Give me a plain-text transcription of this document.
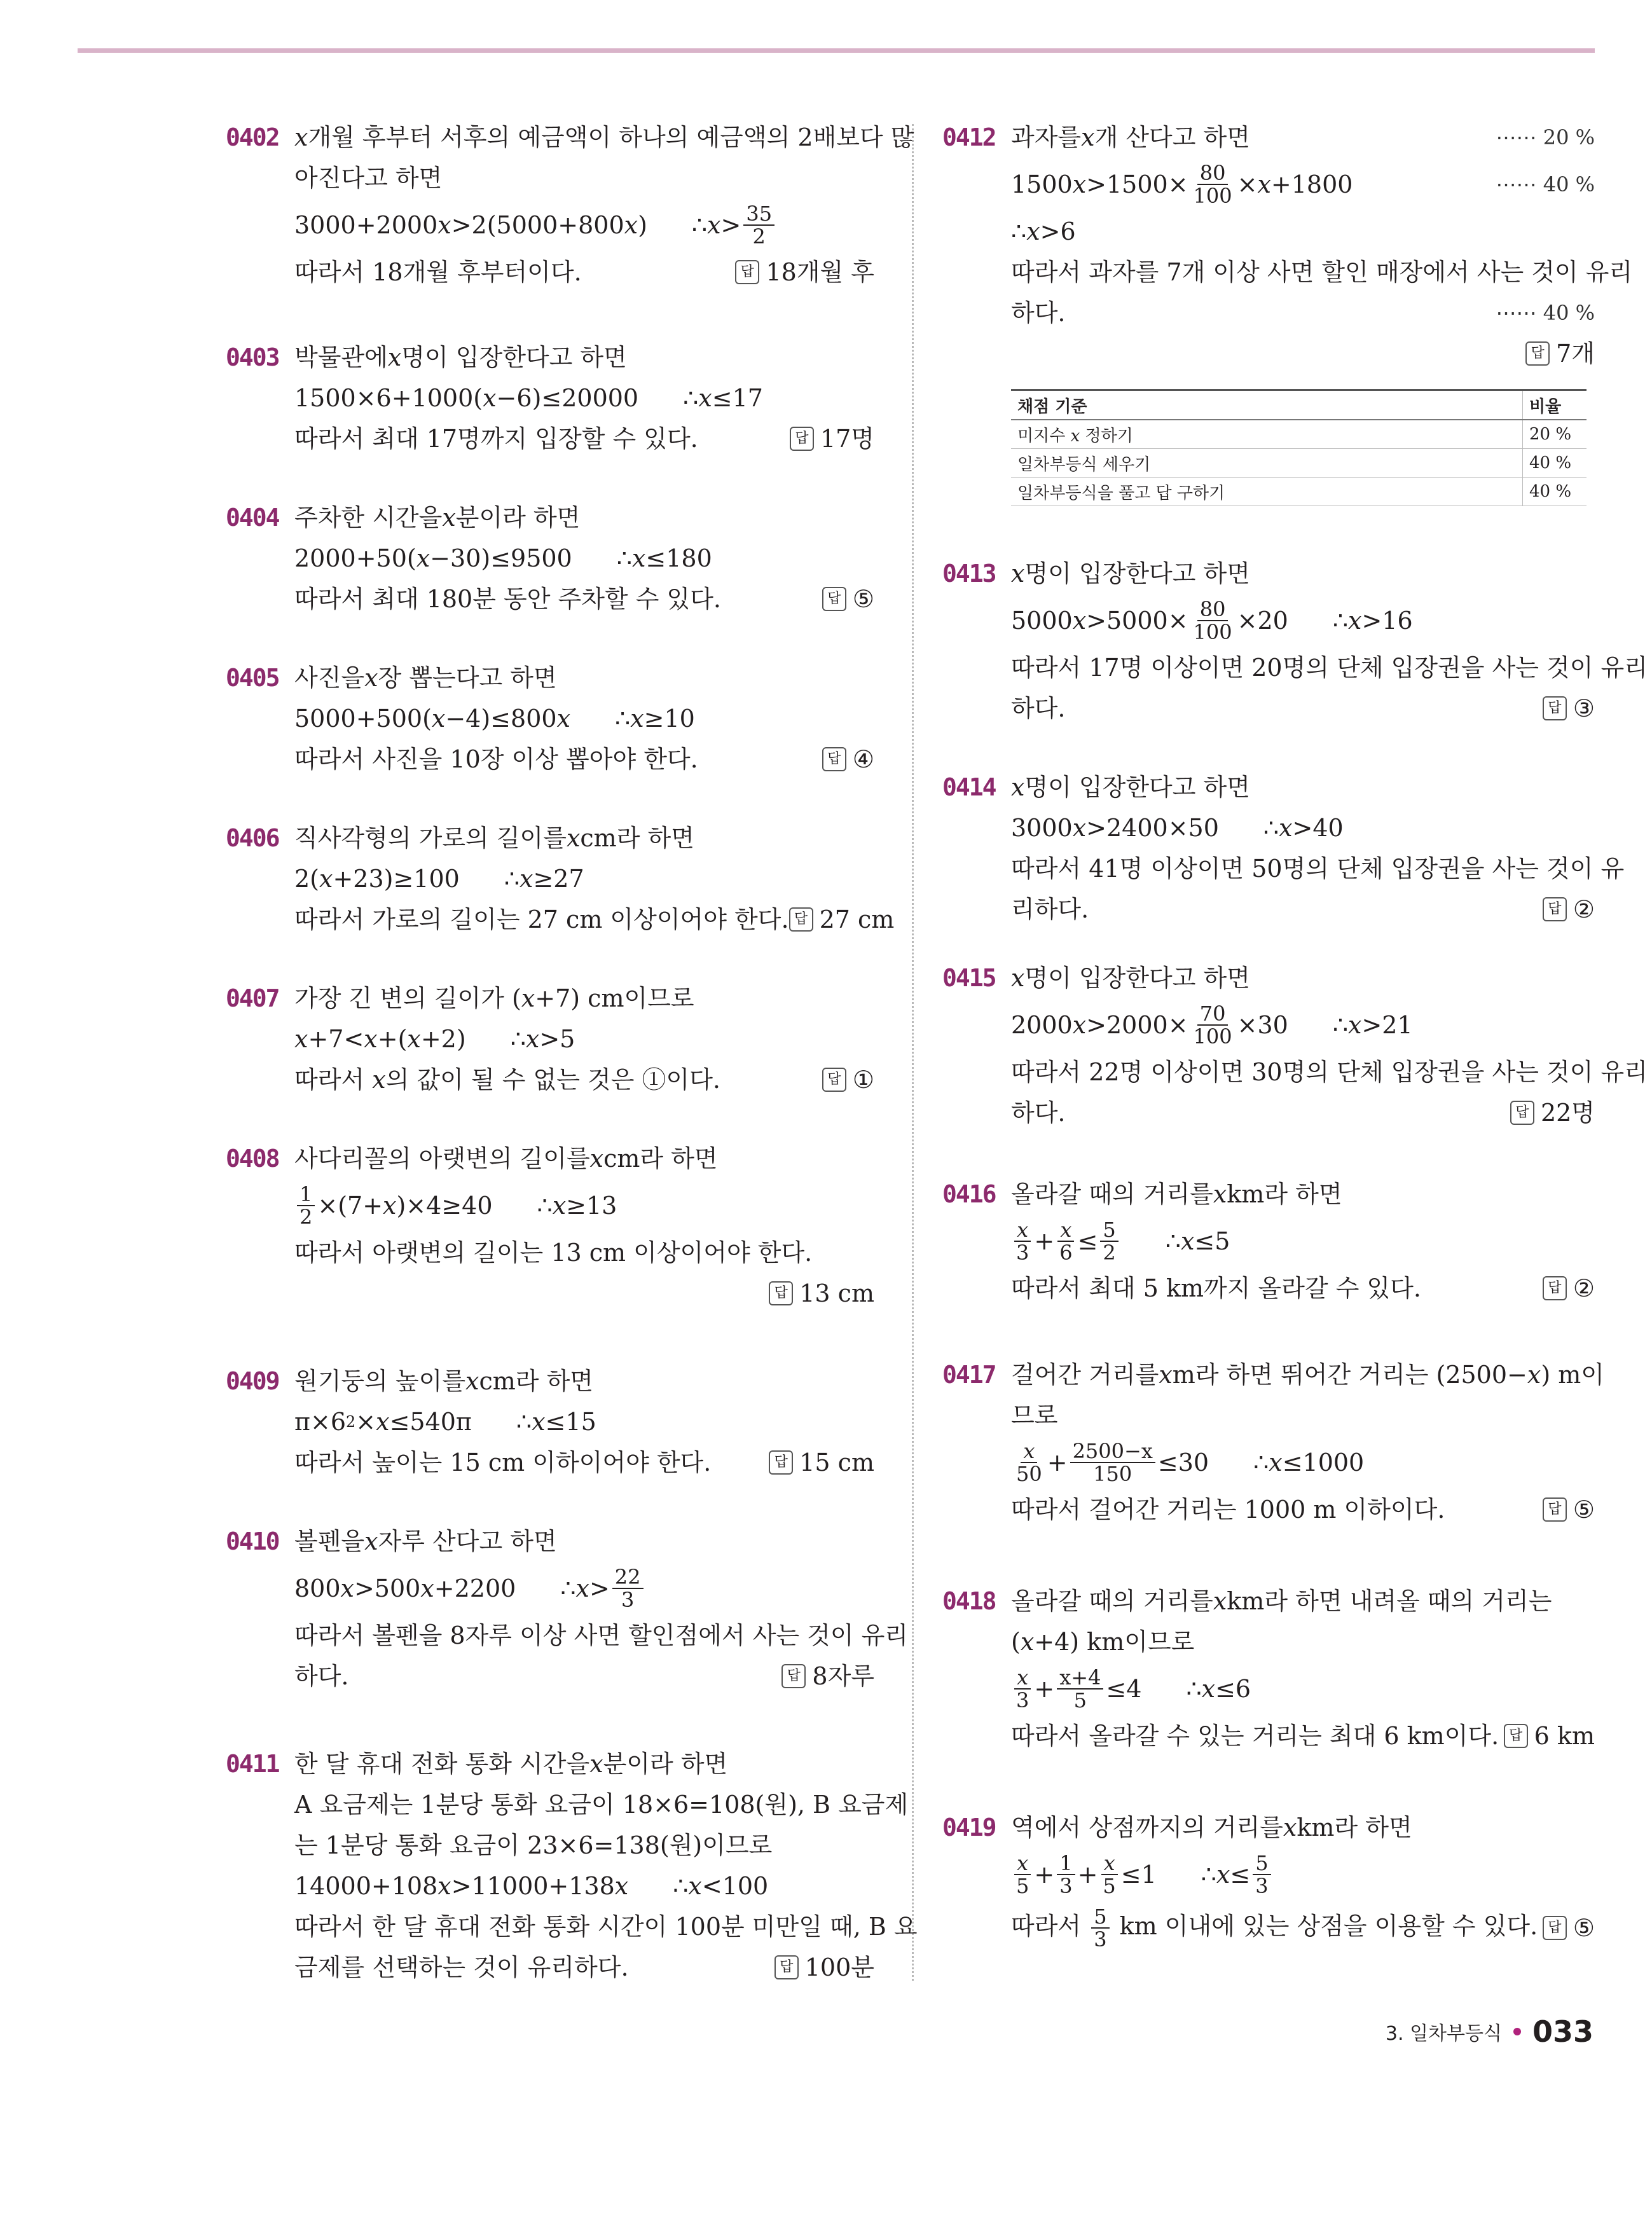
0402 x 개월 후부터 서후의 예금액이 하나의 예금액의 2배보다 많
아진다고 하면
3000+2000 x >2(5000+800 x ) ∴ $x > \frac{35}{2}$
따라서 18개월 후부터이다.	답 18개월 후
0403 박물관에 x 명이 입장한다고 하면
1500×6+1000( x −6)≤20000 ∴ x ≤17
따라서 최대 17명까지 입장할 수 있다.	답 17명
0404 주차한 시간을 x 분이라 하면
2000+50( x −30)≤9500 ∴ x ≤180
따라서 최대 180분 동안 주차할 수 있다.	답 ⑤
0405 사진을 x 장 뽑는다고 하면
5000+500( x −4)≤800 x ∴ x ≥10
따라서 사진을 10장 이상 뽑아야 한다.	답 ④
0406 직사각형의 가로의 길이를 x cm라 하면
2( x +23)≥100 ∴ x ≥27
따라서 가로의 길이는 27 cm 이상이어야 한다. 답 27 cm
0407 가장 긴 변의 길이가 ( x +7) cm이므로
x +7< x +( x +2) ∴ x >5
따라서 x의 값이 될 수 없는 것은 ①이다.	답 ①
0408 사다리꼴의 아랫변의 길이를 x cm라 하면
$\frac{1}{2} \times(7+ x$ )×4≥40 ∴ x ≥13
따라서 아랫변의 길이는 13 cm 이상이어야 한다.
답 13 cm
0409 원기둥의 높이를 x cm라 하면
π×6 2 × x ≤540π ∴ x ≤15
따라서 높이는 15 cm 이하이어야 한다.	답 15 cm
0410 볼펜을 x 자루 산다고 하면
800 x >500 x +2200 ∴ $x > \frac{22}{3}$
따라서 볼펜을 8자루 이상 사면 할인점에서 사는 것이 유리
하다.	답 8자루
0411 한 달 휴대 전화 통화 시간을 x 분이라 하면
A 요금제는 1분당 통화 요금이 18×6=108(원), B 요금제
는 1분당 통화 요금이 23×6=138(원)이므로
14000+108 x >11000+138 x ∴ x <100
따라서 한 달 휴대 전화 통화 시간이 100분 미만일 때, B 요
금제를 선택하는 것이 유리하다.	답 100분
0412 과자를 x 개 산다고 하면	⋯⋯ 20 %
1500 $x >1500\times \frac{80}{100} \times x +1800$	⋯⋯ 40 %
∴ x >6
따라서 과자를 7개 이상 사면 할인 매장에서 사는 것이 유리
하다.	⋯⋯ 40 %
답 7개
채점 기준	비율
미지수 x 정하기	20 %
일차부등식 세우기	40 %
일차부등식을 풀고 답 구하기	40 %
0413 x 명이 입장한다고 하면
5000 $x >5000\times \frac{80}{100} \times 20$ ∴ x >16
따라서 17명 이상이면 20명의 단체 입장권을 사는 것이 유리
하다.	답 ③
0414 x 명이 입장한다고 하면
3000 x >2400×50 ∴ x >40
따라서 41명 이상이면 50명의 단체 입장권을 사는 것이 유
리하다.	답 ②
0415 x 명이 입장한다고 하면
2000 $x >2000\times \frac{70}{100} \times 30$ ∴ x >21
따라서 22명 이상이면 30명의 단체 입장권을 사는 것이 유리
하다.	답 22명
0416 올라갈 때의 거리를 x km라 하면
$\frac{x}{3} + \frac{x}{6} \le \frac{5}{2}$ ∴ x ≤5
따라서 최대 5 km까지 올라갈 수 있다.	답 ②
0417 걸어간 거리를 x m라 하면 뛰어간 거리는 (2500− x ) m이
므로
$\frac{x}{50} + \frac{2500-x}{150} \le 30$ ∴ x ≤1000
따라서 걸어간 거리는 1000 m 이하이다.	답 ⑤
0418 올라갈 때의 거리를 x km라 하면 내려올 때의 거리는
( x +4) km이므로
$\frac{x}{3} + \frac{x+4}{5} \le 4$ ∴ x ≤6
따라서 올라갈 수 있는 거리는 최대 6 km이다. 답 6 km
0419 역에서 상점까지의 거리를 x km라 하면
$\frac{x}{5} + \frac{1}{3} + \frac{x}{5} \le 1$ ∴ $x \le \frac{5}{3}$
따라서 $\frac{5}{3}$ km 이내에 있는 상점을 이용할 수 있다. 답 ⑤
3. 일차부등식 033
